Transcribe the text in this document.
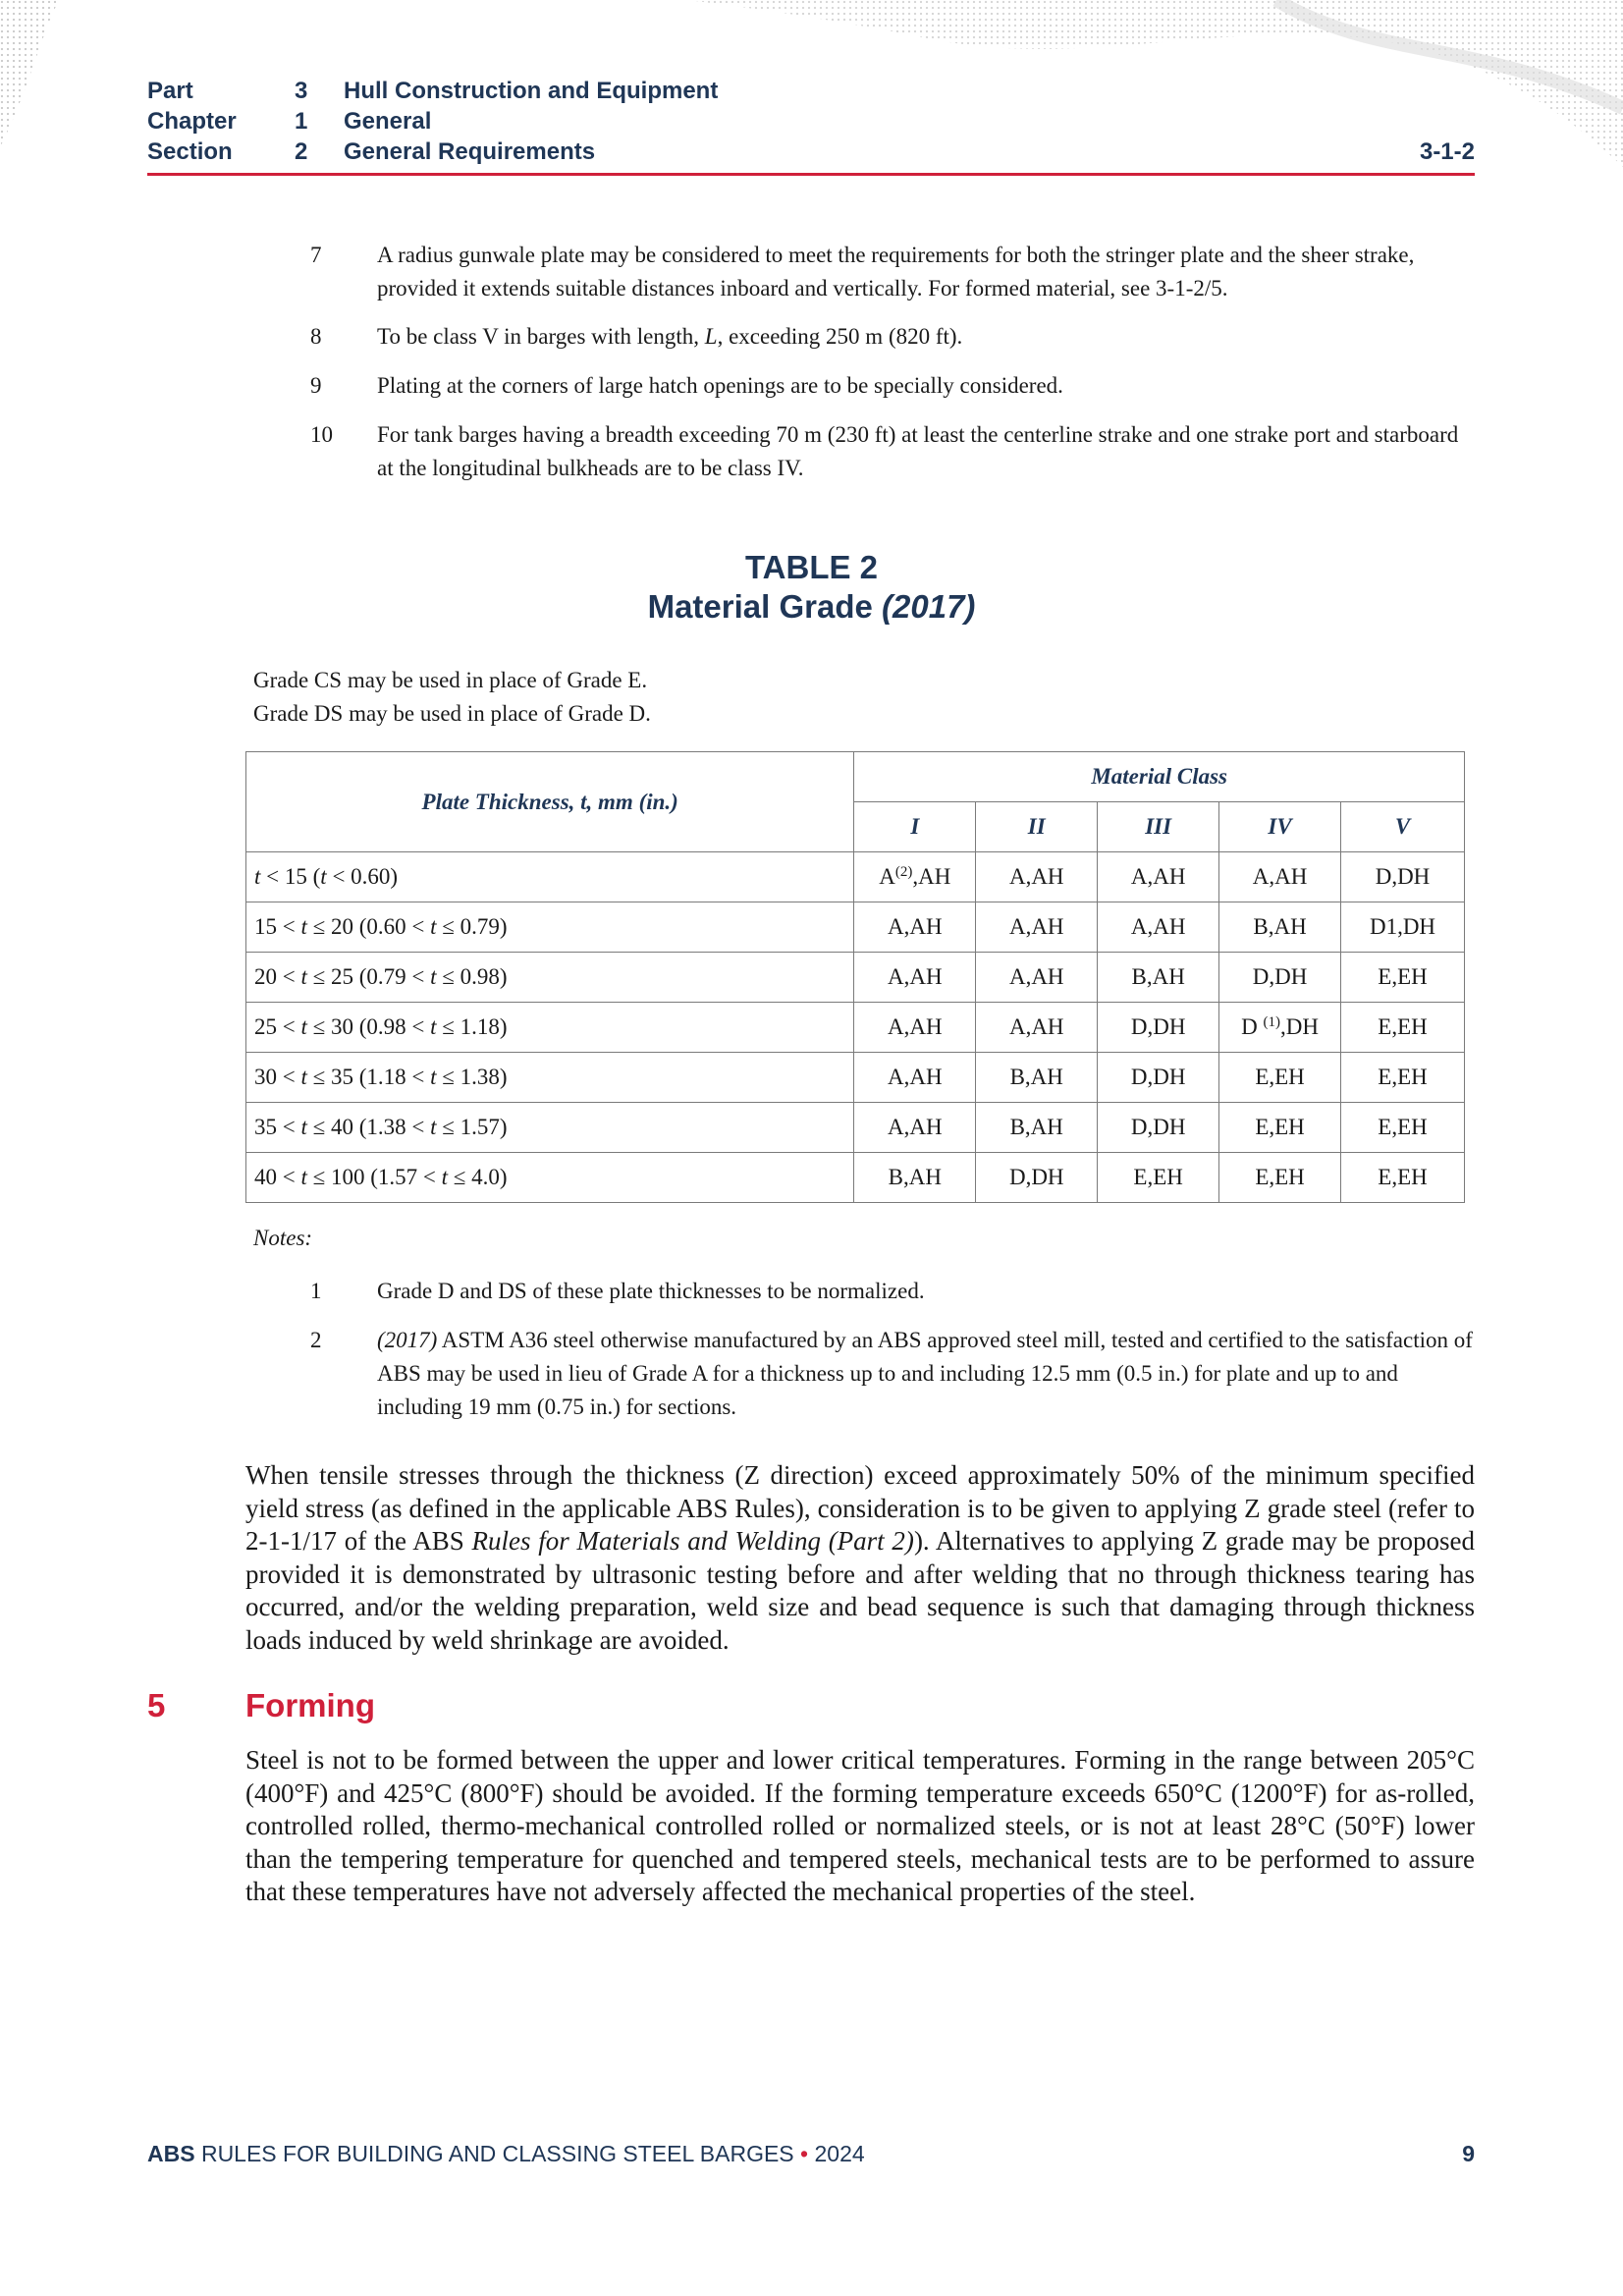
Part	3	Hull Construction and Equipment
Chapter	1	General
Section	2	General Requirements	3-1-2
7	A radius gunwale plate may be considered to meet the requirements for both the stringer plate and the sheer strake, provided it extends suitable distances inboard and vertically. For formed material, see 3-1-2/5.
8	To be class V in barges with length, L, exceeding 250 m (820 ft).
9	Plating at the corners of large hatch openings are to be specially considered.
10	For tank barges having a breadth exceeding 70 m (230 ft) at least the centerline strake and one strake port and starboard at the longitudinal bulkheads are to be class IV.
TABLE 2
Material Grade (2017)
Grade CS may be used in place of Grade E.
Grade DS may be used in place of Grade D.
Plate Thickness, t, mm (in.)	Material Class				
	I	II	III	IV	V
t < 15 (t < 0.60)	$A^{(2)},AH$	A,AH	A,AH	A,AH	D,DH
15 < t ≤ 20 (0.60 < t ≤ 0.79)	A,AH	A,AH	A,AH	B,AH	D1,DH
20 < t ≤ 25 (0.79 < t ≤ 0.98)	A,AH	A,AH	B,AH	D,DH	E,EH
25 < t ≤ 30 (0.98 < t ≤ 1.18)	A,AH	A,AH	D,DH	D $^{(1)}$,DH	E,EH
30 < t ≤ 35 (1.18 < t ≤ 1.38)	A,AH	B,AH	D,DH	E,EH	E,EH
35 < t ≤ 40 (1.38 < t ≤ 1.57)	A,AH	B,AH	D,DH	E,EH	E,EH
40 < t ≤ 100 (1.57 < t ≤ 4.0)	B,AH	D,DH	E,EH	E,EH	E,EH
Notes:
1	Grade D and DS of these plate thicknesses to be normalized.
2	(2017) ASTM A36 steel otherwise manufactured by an ABS approved steel mill, tested and certified to the satisfaction of ABS may be used in lieu of Grade A for a thickness up to and including 12.5 mm (0.5 in.) for plate and up to and including 19 mm (0.75 in.) for sections.
When tensile stresses through the thickness (Z direction) exceed approximately 50% of the minimum specified yield stress (as defined in the applicable ABS Rules), consideration is to be given to applying Z grade steel (refer to 2-1-1/17 of the ABS Rules for Materials and Welding (Part 2)). Alternatives to applying Z grade may be proposed provided it is demonstrated by ultrasonic testing before and after welding that no through thickness tearing has occurred, and/or the welding preparation, weld size and bead sequence is such that damaging through thickness loads induced by weld shrinkage are avoided.
5 Forming
Steel is not to be formed between the upper and lower critical temperatures. Forming in the range between 205°C (400°F) and 425°C (800°F) should be avoided. If the forming temperature exceeds 650°C (1200°F) for as-rolled, controlled rolled, thermo-mechanical controlled rolled or normalized steels, or is not at least 28°C (50°F) lower than the tempering temperature for quenched and tempered steels, mechanical tests are to be performed to assure that these temperatures have not adversely affected the mechanical properties of the steel.
ABS RULES FOR BUILDING AND CLASSING STEEL BARGES • 2024	9
